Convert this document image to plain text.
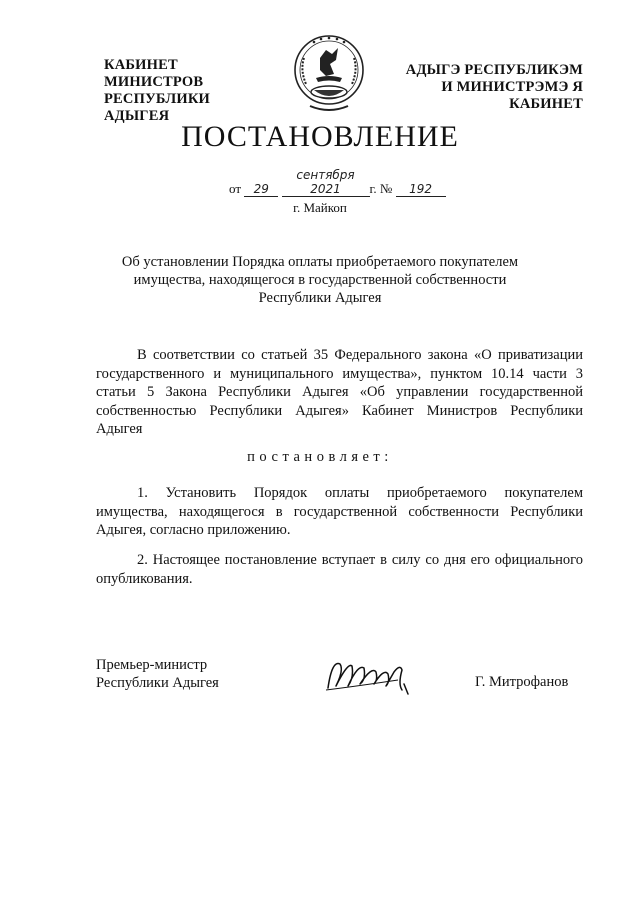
КАБИНЕТ МИНИСТРОВ
РЕСПУБЛИКИ АДЫГЕЯ
АДЫГЭ РЕСПУБЛИКЭМ
И МИНИСТРЭМЭ Я КАБИНЕТ
ПОСТАНОВЛЕНИЕ
от 29 сентября 2021 г. № 192
г. Майкоп
Об установлении Порядка оплаты приобретаемого покупателем
имущества, находящегося в государственной собственности
Республики Адыгея
В соответствии со статьей 35 Федерального закона «О приватизации государственного и муниципального имущества», пунктом 10.14 части 3 статьи 5 Закона Республики Адыгея «Об управлении государственной собственностью Республики Адыгея» Кабинет Министров Республики Адыгея
постановляет:
1. Установить Порядок оплаты приобретаемого покупателем имущества, находящегося в государственной собственности Республики Адыгея, согласно приложению.
2. Настоящее постановление вступает в силу со дня его официального опубликования.
Премьер-министр
Республики Адыгея	Г. Митрофанов
